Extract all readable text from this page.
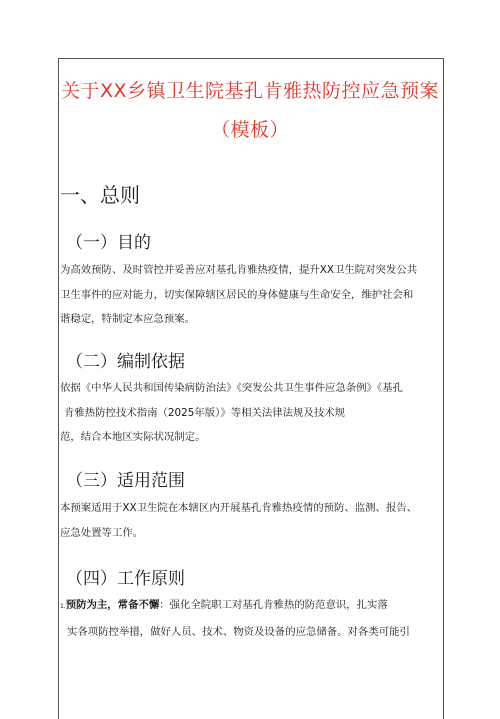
关于XX乡镇卫生院基孔肯雅热防控应急预案
（模板）
一、总则
（一）目的
为高效预防、及时管控并妥善应对基孔肯雅热疫情，提升XX卫生院对突发公共
卫生事件的应对能力，切实保障辖区居民的身体健康与生命安全，维护社会和
谐稳定，特制定本应急预案。
（二）编制依据
依据《中华人民共和国传染病防治法》《突发公共卫生事件应急条例》《基孔
肯雅热防控技术指南（2025年版）》等相关法律法规及技术规
范，结合本地区实际状况制定。
（三）适用范围
本预案适用于XX卫生院在本辖区内开展基孔肯雅热疫情的预防、监测、报告、
应急处置等工作。
（四）工作原则
1.预防为主，常备不懈：强化全院职工对基孔肯雅热的防范意识，扎实落
实各项防控举措，做好人员、技术、物资及设备的应急储备。对各类可能引
